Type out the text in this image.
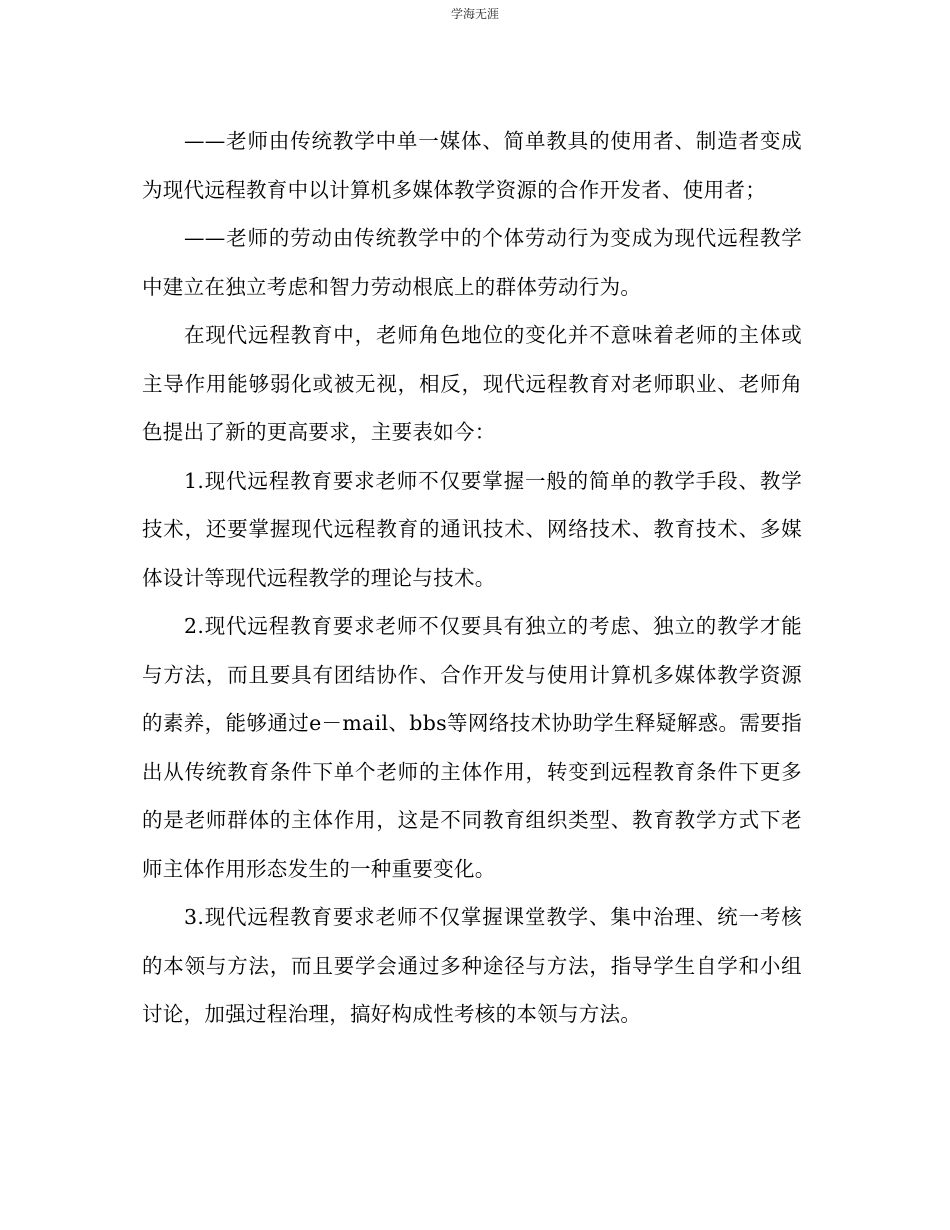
学海无涯

——老师由传统教学中单一媒体、简单教具的使用者、制造者变成为现代远程教育中以计算机多媒体教学资源的合作开发者、使用者；

——老师的劳动由传统教学中的个体劳动行为变成为现代远程教学中建立在独立考虑和智力劳动根底上的群体劳动行为。

在现代远程教育中，老师角色地位的变化并不意味着老师的主体或主导作用能够弱化或被无视，相反，现代远程教育对老师职业、老师角色提出了新的更高要求，主要表如今：

1.现代远程教育要求老师不仅要掌握一般的简单的教学手段、教学技术，还要掌握现代远程教育的通讯技术、网络技术、教育技术、多媒体设计等现代远程教学的理论与技术。

2.现代远程教育要求老师不仅要具有独立的考虑、独立的教学才能与方法，而且要具有团结协作、合作开发与使用计算机多媒体教学资源的素养，能够通过e－mail、bbs等网络技术协助学生释疑解惑。需要指出从传统教育条件下单个老师的主体作用，转变到远程教育条件下更多的是老师群体的主体作用，这是不同教育组织类型、教育教学方式下老师主体作用形态发生的一种重要变化。

3.现代远程教育要求老师不仅掌握课堂教学、集中治理、统一考核的本领与方法，而且要学会通过多种途径与方法，指导学生自学和小组讨论，加强过程治理，搞好构成性考核的本领与方法。
